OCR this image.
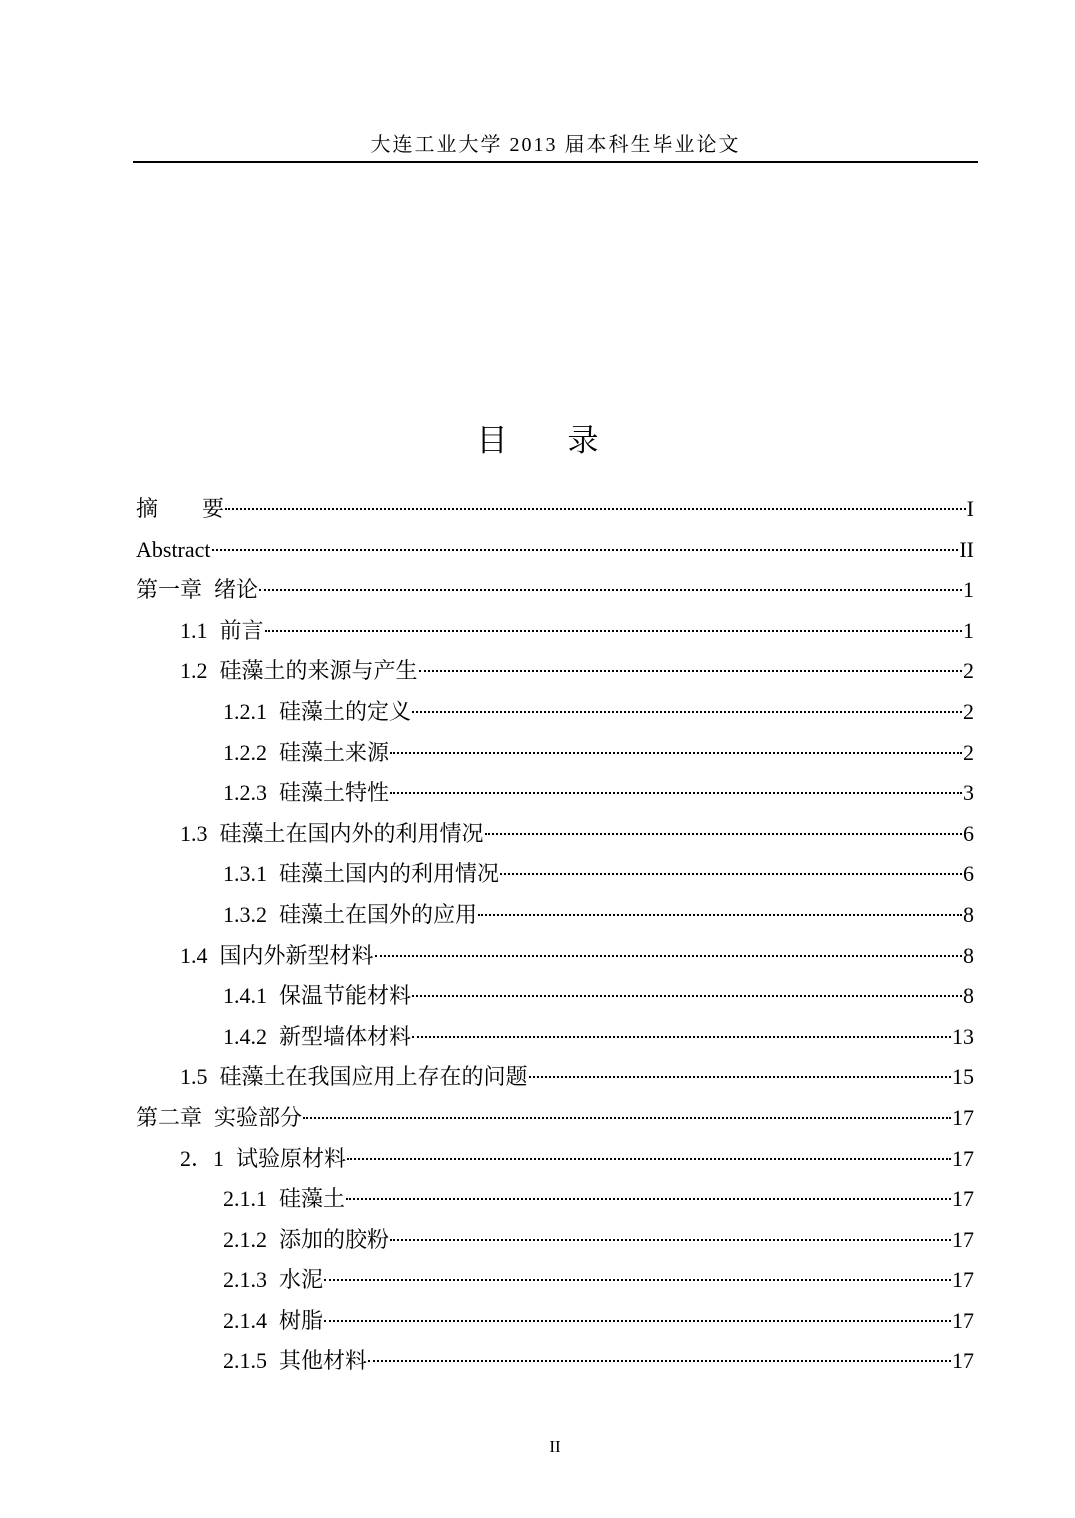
大连工业大学 2013 届本科生毕业论文
目录
摘　　要	I
Abstract	II
第一章 绪论	1
1.1 前言	1
1.2 硅藻土的来源与产生	2
1.2.1 硅藻土的定义	2
1.2.2 硅藻土来源	2
1.2.3 硅藻土特性	3
1.3 硅藻土在国内外的利用情况	6
1.3.1 硅藻土国内的利用情况	6
1.3.2 硅藻土在国外的应用	8
1.4 国内外新型材料	8
1.4.1 保温节能材料	8
1.4.2 新型墙体材料	13
1.5 硅藻土在我国应用上存在的问题	15
第二章 实验部分	17
2．1 试验原材料	17
2.1.1 硅藻土	17
2.1.2 添加的胶粉	17
2.1.3 水泥	17
2.1.4 树脂	17
2.1.5 其他材料	17
II
